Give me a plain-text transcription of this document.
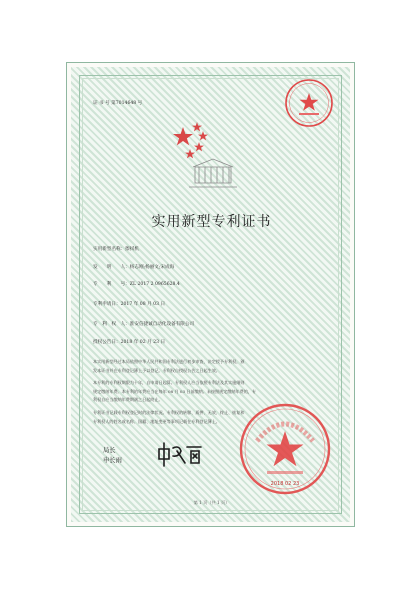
证 书 号 第7014648 号
实用新型专利证书
实用新型名称：擦拭机
发　　明　　人：杨志刚;杨丽文;宋成海
专　　利　　号：ZL 2017 2 0965628.4
专利申请日：2017 年 08 月 03 日
专　利　权　人：淮安信捷诚自动化设备有限公司
授权公告日：2018 年 02 月 23 日
本实用新型经过本局依照中华人民共和国专利法进行初步审查，决定授予专利权，颁
发本证书并在专利登记簿上予以登记。专利权自授权公告之日起生效。
本专利的专利权期限为十年，自申请日起算。专利权人应当依照专利法及其实施细则
规定缴纳年费。本专利的年费应当在每年 08 月 03 日前缴纳。未按照规定缴纳年费的，专
利权自应当缴纳年费期满之日起终止。
专利证书记载专利权登记时的法律状况。专利权的转移、质押、无效、终止、恢复和
专利权人的姓名或名称、国籍、地址变更等事项记载在专利登记簿上。
局长
申长雨
2018 02 23
第 1 页（共 1 页）
